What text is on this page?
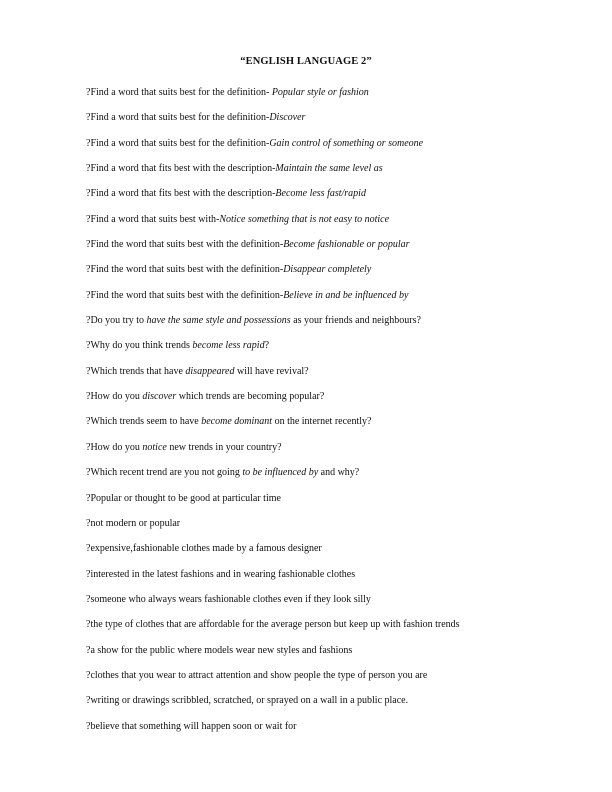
“ENGLISH LANGUAGE 2”
?Find a word that suits best for the definition- Popular style or fashion
?Find a word that suits best for the definition-Discover
?Find a word that suits best for the definition-Gain control of something or someone
?Find a word that fits best with the description-Maintain the same level as
?Find a word that fits best with the description-Become less fast/rapid
?Find a word that suits best with-Notice something that is not easy to notice
?Find the word that suits best with the definition-Become fashionable or popular
?Find the word that suits best with the definition-Disappear completely
?Find the word that suits best with the definition-Believe in and be influenced by
?Do you try to have the same style and possessions as your friends and neighbours?
?Why do you think trends become less rapid?
?Which trends that have disappeared will have revival?
?How do you discover which trends are becoming popular?
?Which trends seem to have become dominant on the internet recently?
?How do you notice new trends in your country?
?Which recent trend are you not going to be influenced by and why?
?Popular or thought to be good at particular time
?not modern or popular
?expensive,fashionable clothes made by a famous designer
?interested in the latest fashions and in wearing fashionable clothes
?someone who always wears fashionable clothes even if they look silly
?the type of clothes that are affordable for the average person but keep up with fashion trends
?a show for the public where models wear new styles and fashions
?clothes that you wear to attract attention and show people the type of person you are
?writing or drawings scribbled, scratched, or sprayed on a wall in a public place.
?believe that something will happen soon or wait for
